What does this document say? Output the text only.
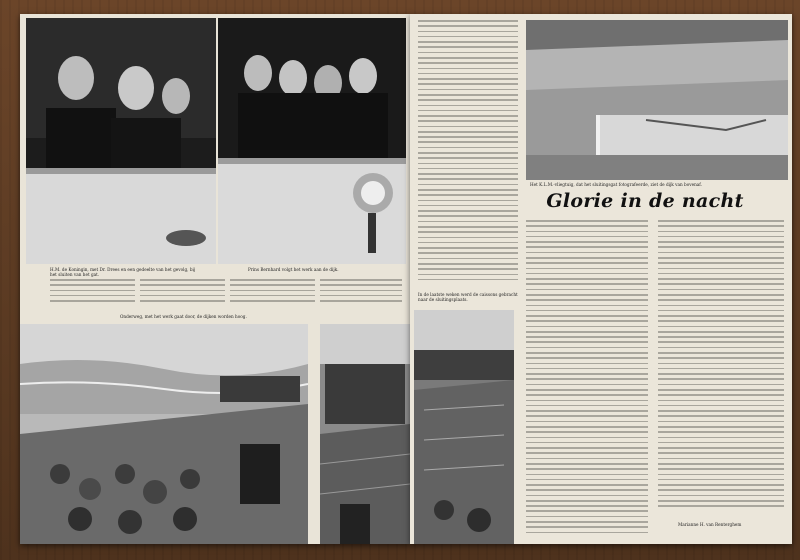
H.M. de Koningin, met Dr. Drees en een gedeelte van het gevolg, bij het sluiten van het gat.
Prins Bernhard volgt het werk aan de dijk.
Onderweg, met het werk gaat door, de dijken worden hoog.
Het K.L.M.-vliegtuig, dat het sluitingsgat fotografeerde, ziet de dijk van bovenaf.
In de laatste weken werd de caissons gebracht naar de sluitingsplaats.
Glorie in de nacht
Marianne H. van Renterghem
